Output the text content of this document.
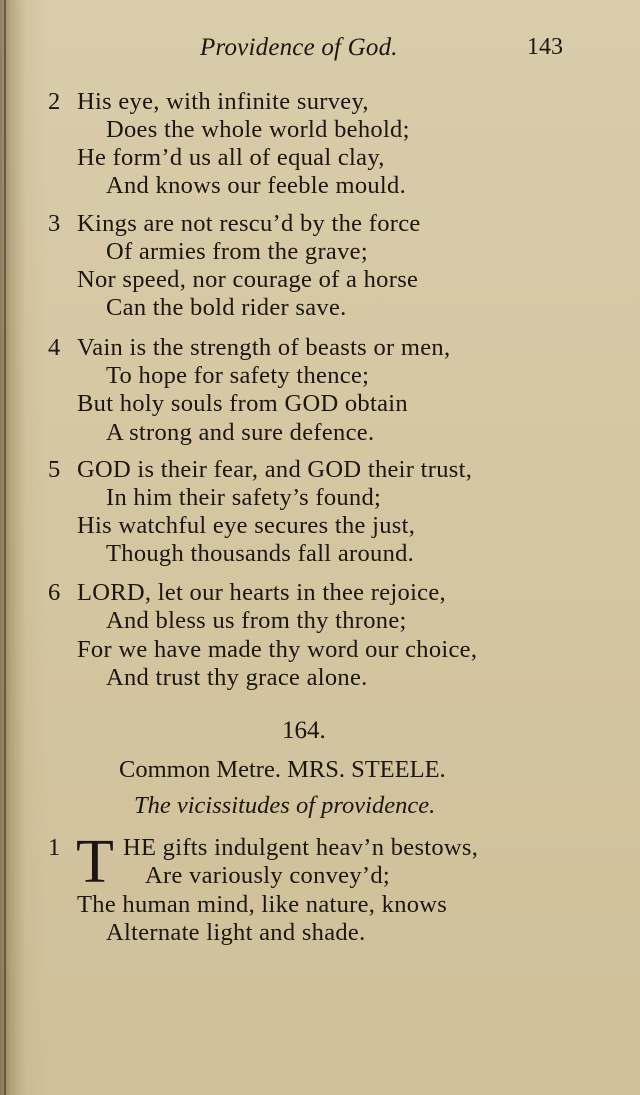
Providence of God.	143
2 His eye, with infinite survey,
Does the whole world behold;
He form’d us all of equal clay,
And knows our feeble mould.
3 Kings are not rescu’d by the force
Of armies from the grave;
Nor speed, nor courage of a horse
Can the bold rider save.
4 Vain is the strength of beasts or men,
To hope for safety thence;
But holy souls from GOD obtain
A strong and sure defence.
5 GOD is their fear, and GOD their trust,
In him their safety’s found;
His watchful eye secures the just,
Though thousands fall around.
6 LORD, let our hearts in thee rejoice,
And bless us from thy throne;
For we have made thy word our choice,
And trust thy grace alone.
164.
Common Metre. MRS. STEELE.
The vicissitudes of providence.
1 T HE gifts indulgent heav’n bestows,
Are variously convey’d;
The human mind, like nature, knows
Alternate light and shade.
